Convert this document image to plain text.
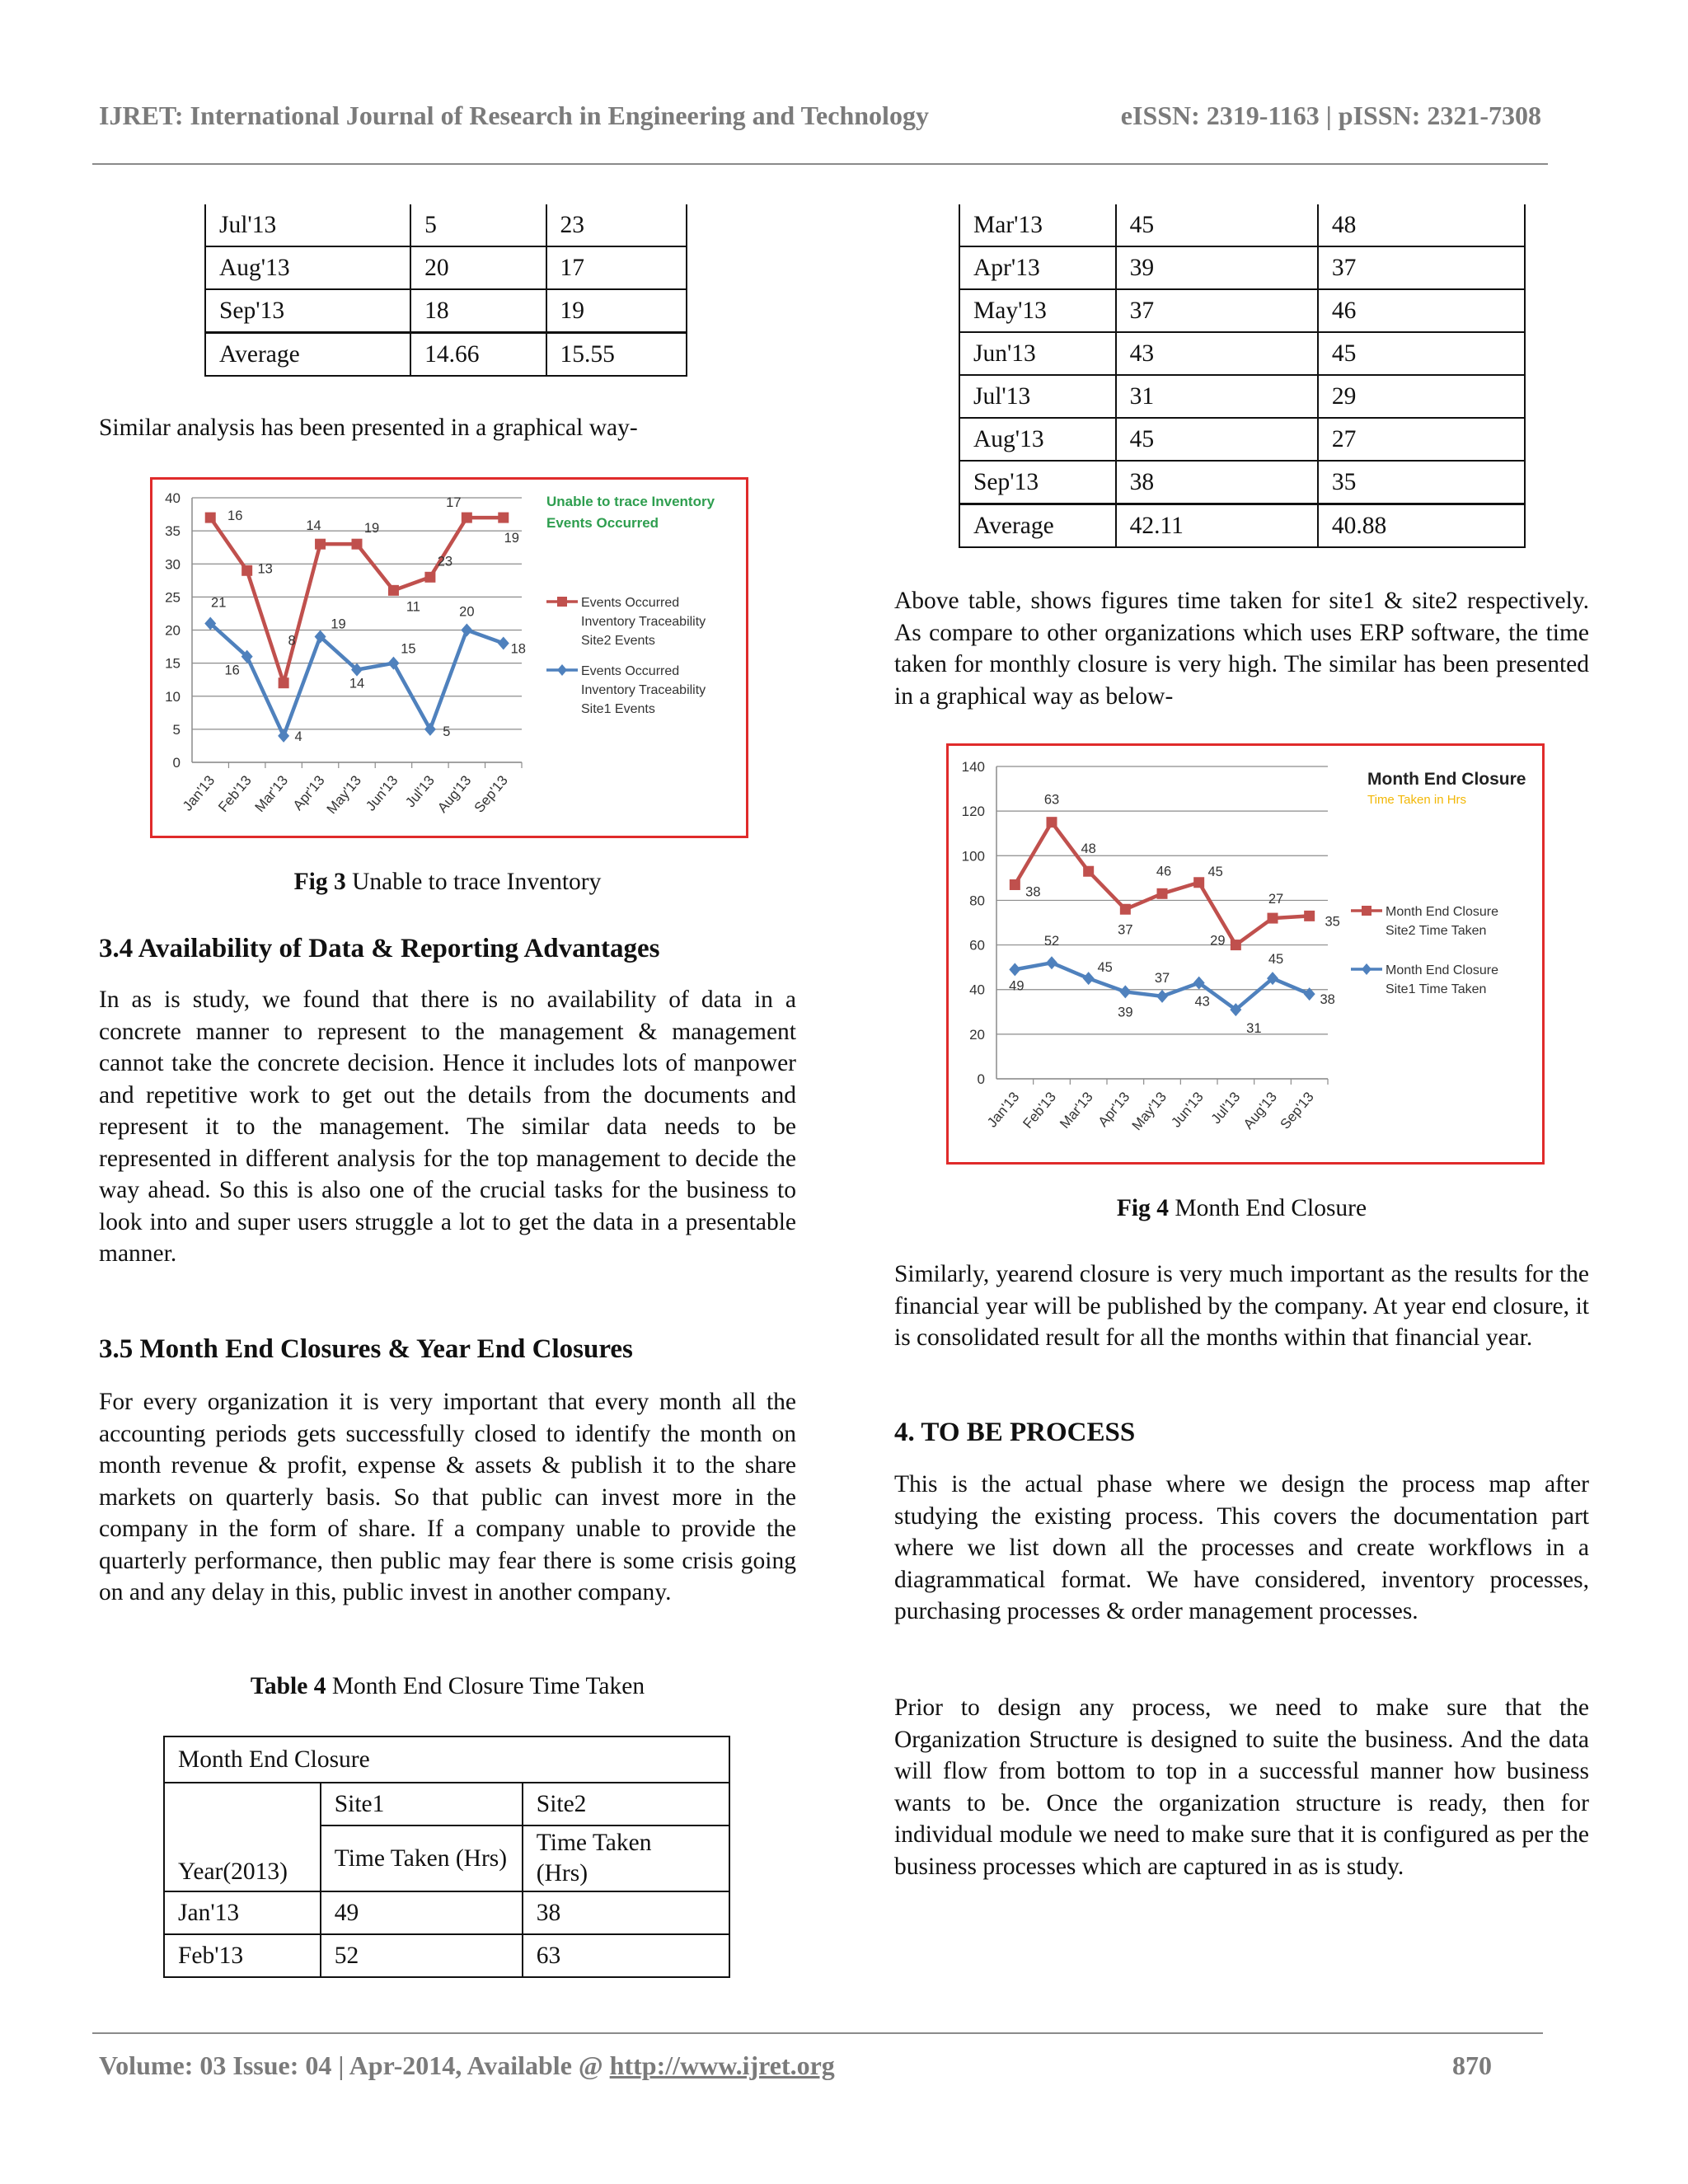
IJRET: International Journal of Research in Engineering and Technology	eISSN: 2319-1163 | pISSN: 2321-7308
Jul'13	5	23
Aug'13	20	17
Sep'13	18	19
Average	14.66	15.55

Similar analysis has been presented in a graphical way-

0
5
10
15
20
25
30
35
40
Jan'13
Feb'13
Mar'13
Apr'13
May'13
Jun'13 Jul'13
Aug'13
Sep'13
16
13
8
14	19
11
23
17
19
21
16
4
19
14
15
5
20
18
Events Occurred
Inventory Traceability
Site2 Events
Events Occurred
Inventory Traceability
Site1 Events
Unable to trace Inventory
Events Occurred

Fig 3 Unable to trace Inventory

3.4 Availability of Data & Reporting Advantages

In as is study, we found that there is no availability of data in a concrete manner to represent to the management & management cannot take the concrete decision. Hence it includes lots of manpower and repetitive work to get out the details from the documents and represent it to the management. The similar data needs to be represented in different analysis for the top management to decide the way ahead. So this is also one of the crucial tasks for the business to look into and super users struggle a lot to get the data in a presentable manner.

3.5 Month End Closures & Year End Closures

For every organization it is very important that every month all the accounting periods gets successfully closed to identify the month on month revenue & profit, expense & assets & publish it to the share markets on quarterly basis. So that public can invest more in the company in the form of share. If a company unable to provide the quarterly performance, then public may fear there is some crisis going on and any delay in this, public invest in another company.

Table 4 Month End Closure Time Taken

Month End Closure		
Year(2013)	Site1	Site2
	Time Taken (Hrs)	Time Taken (Hrs)
Jan'13	49	38
Feb'13	52	63
Mar'13	45	48
Apr'13	39	37
May'13	37	46
Jun'13	43	45
Jul'13	31	29
Aug'13	45	27
Sep'13	38	35
Average	42.11	40.88

Above table, shows figures time taken for site1 & site2 respectively. As compare to other organizations which uses ERP software, the time taken for monthly closure is very high. The similar has been presented in a graphical way as below-

0
20
40
60
80
100
120
140
Jan'13
Feb'13
Mar'13
Apr'13
May'13
Jun'13 Jul'13
Aug'13
Sep'13
38
63
48
37
46	45
29
27
35
49
52
45
39
37
43
31
45
38
Month End Closure
Site2 Time Taken
Month End Closure
Site1 Time Taken
Month End Closure
Time Taken in Hrs

Fig 4 Month End Closure

Similarly, yearend closure is very much important as the results for the financial year will be published by the company. At year end closure, it is consolidated result for all the months within that financial year.

4. TO BE PROCESS

This is the actual phase where we design the process map after studying the existing process. This covers the documentation part where we list down all the processes and create workflows in a diagrammatical format. We have considered, inventory processes, purchasing processes & order management processes.

Prior to design any process, we need to make sure that the Organization Structure is designed to suite the business. And the data will flow from bottom to top in a successful manner how business wants to be. Once the organization structure is ready, then for individual module we need to make sure that it is configured as per the business processes which are captured in as is study.

Volume: 03 Issue: 04 | Apr-2014, Available @ http://www.ijret.org	870
